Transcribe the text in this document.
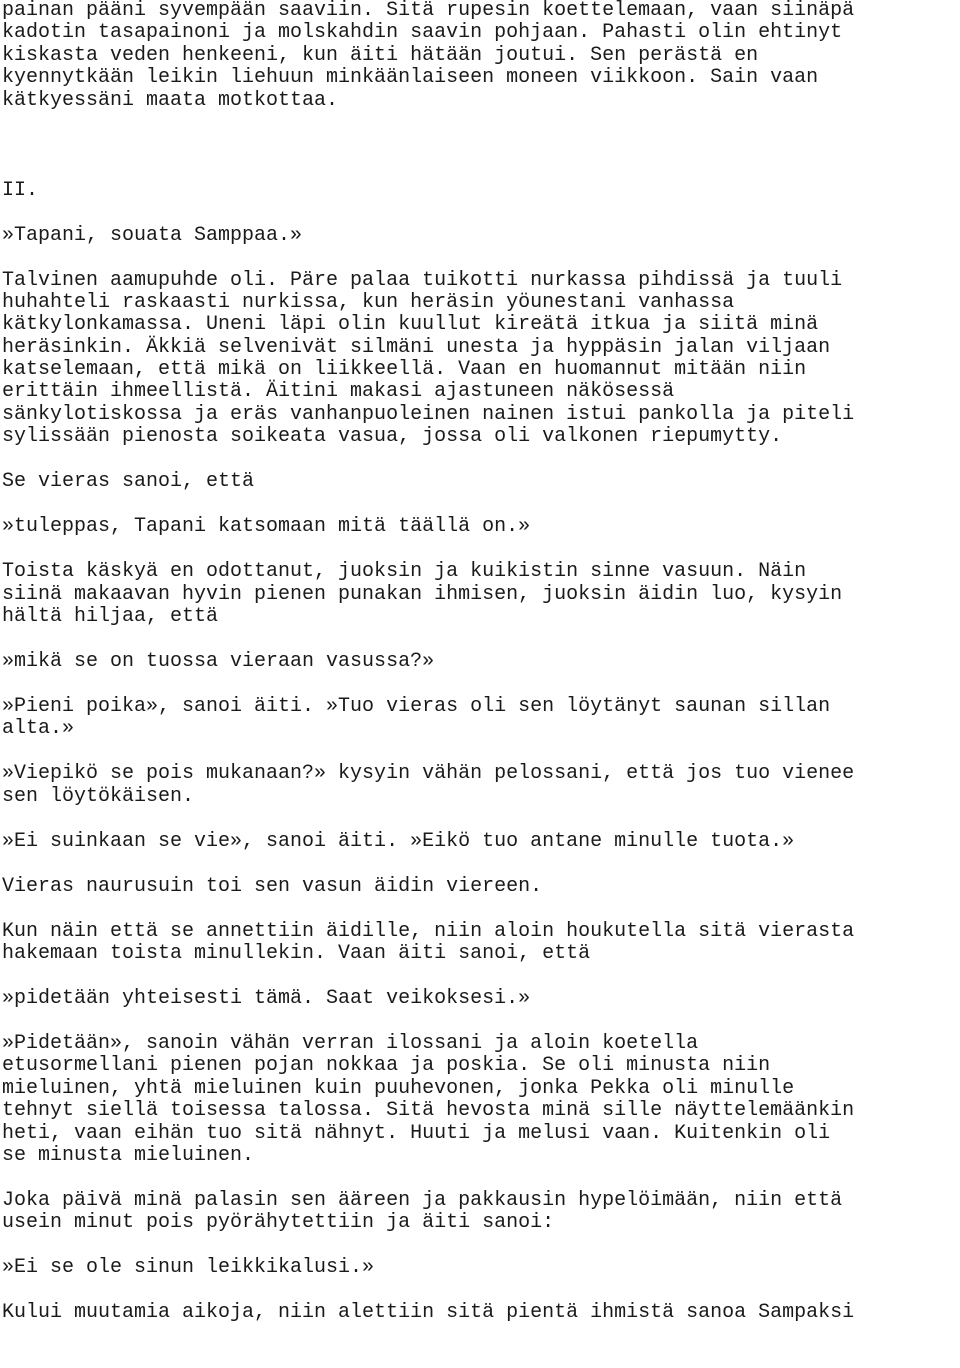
painan pääni syvempään saaviin. Sitä rupesin koettelemaan, vaan siinäpä
kadotin tasapainoni ja molskahdin saavin pohjaan. Pahasti olin ehtinyt
kiskasta veden henkeeni, kun äiti hätään joutui. Sen perästä en
kyennytkään leikin liehuun minkäänlaiseen moneen viikkoon. Sain vaan
kätkyessäni maata motkottaa.
II.
»Tapani, souata Samppaa.»
Talvinen aamupuhde oli. Päre palaa tuikotti nurkassa pihdissä ja tuuli
huhahteli raskaasti nurkissa, kun heräsin yöunestani vanhassa
kätkylonkamassa. Uneni läpi olin kuullut kireätä itkua ja siitä minä
heräsinkin. Äkkiä selvenivät silmäni unesta ja hyppäsin jalan viljaan
katselemaan, että mikä on liikkeellä. Vaan en huomannut mitään niin
erittäin ihmeellistä. Äitini makasi ajastuneen näkösessä
sänkylotiskossa ja eräs vanhanpuoleinen nainen istui pankolla ja piteli
sylissään pienosta soikeata vasua, jossa oli valkonen riepumytty.
Se vieras sanoi, että
»tuleppas, Tapani katsomaan mitä täällä on.»
Toista käskyä en odottanut, juoksin ja kuikistin sinne vasuun. Näin
siinä makaavan hyvin pienen punakan ihmisen, juoksin äidin luo, kysyin
hältä hiljaa, että
»mikä se on tuossa vieraan vasussa?»
»Pieni poika», sanoi äiti. »Tuo vieras oli sen löytänyt saunan sillan
alta.»
»Viepikö se pois mukanaan?» kysyin vähän pelossani, että jos tuo vienee
sen löytökäisen.
»Ei suinkaan se vie», sanoi äiti. »Eikö tuo antane minulle tuota.»
Vieras naurusuin toi sen vasun äidin viereen.
Kun näin että se annettiin äidille, niin aloin houkutella sitä vierasta
hakemaan toista minullekin. Vaan äiti sanoi, että
»pidetään yhteisesti tämä. Saat veikoksesi.»
»Pidetään», sanoin vähän verran ilossani ja aloin koetella
etusormellani pienen pojan nokkaa ja poskia. Se oli minusta niin
mieluinen, yhtä mieluinen kuin puuhevonen, jonka Pekka oli minulle
tehnyt siellä toisessa talossa. Sitä hevosta minä sille näyttelemäänkin
heti, vaan eihän tuo sitä nähnyt. Huuti ja melusi vaan. Kuitenkin oli
se minusta mieluinen.
Joka päivä minä palasin sen ääreen ja pakkausin hypelöimään, niin että
usein minut pois pyörähytettiin ja äiti sanoi:
»Ei se ole sinun leikkikalusi.»
Kului muutamia aikoja, niin alettiin sitä pientä ihmistä sanoa Sampaksi
